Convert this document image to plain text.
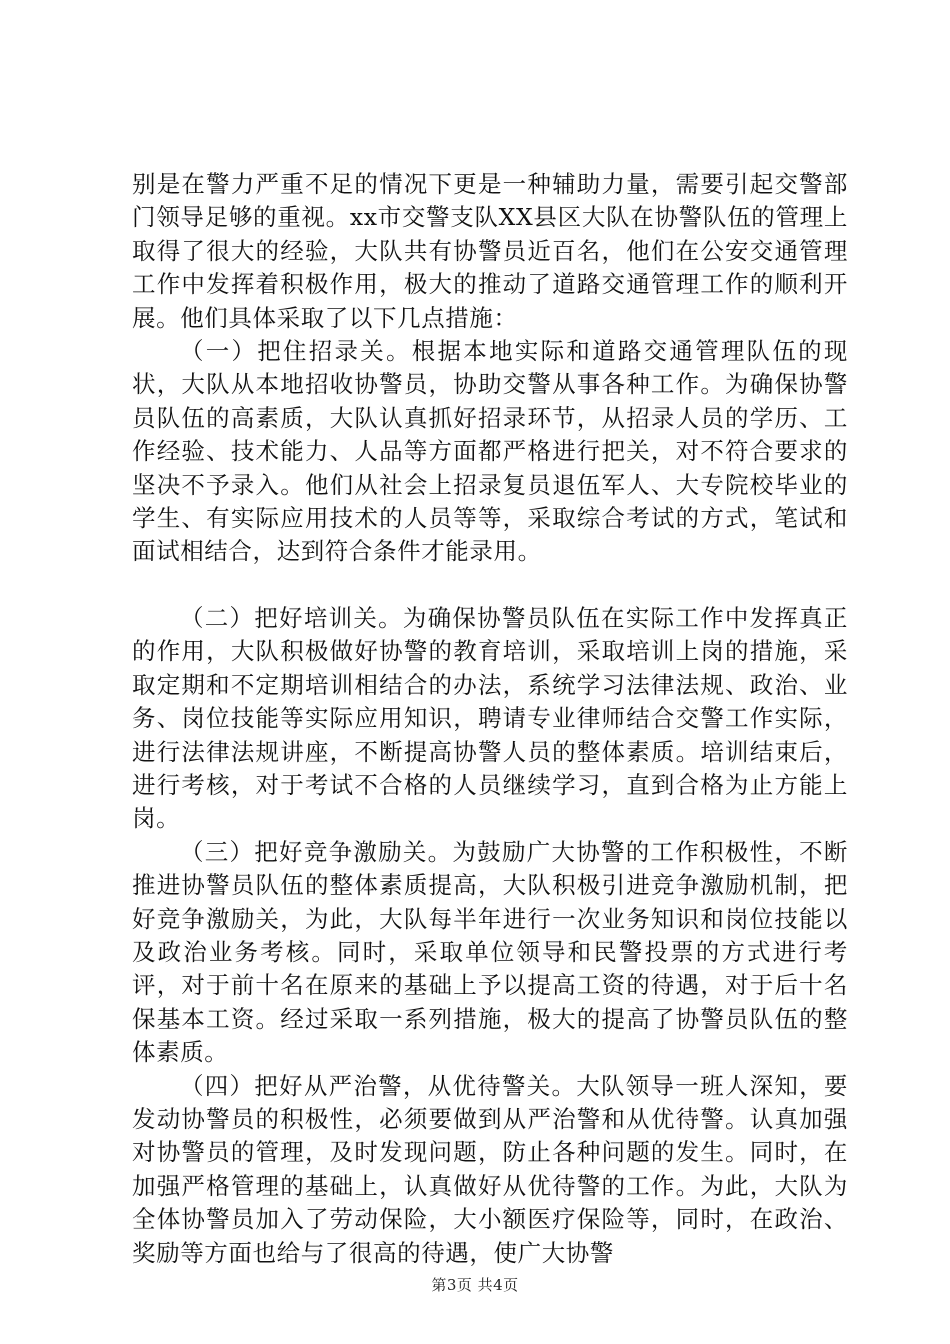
别是在警力严重不足的情况下更是一种辅助力量，需要引起交警部门领导足够的重视。xx市交警支队XX县区大队在协警队伍的管理上取得了很大的经验，大队共有协警员近百名，他们在公安交通管理工作中发挥着积极作用，极大的推动了道路交通管理工作的顺利开展。他们具体采取了以下几点措施：

（一）把住招录关。根据本地实际和道路交通管理队伍的现状，大队从本地招收协警员，协助交警从事各种工作。为确保协警员队伍的高素质，大队认真抓好招录环节，从招录人员的学历、工作经验、技术能力、人品等方面都严格进行把关，对不符合要求的坚决不予录入。他们从社会上招录复员退伍军人、大专院校毕业的学生、有实际应用技术的人员等等，采取综合考试的方式，笔试和面试相结合，达到符合条件才能录用。

（二）把好培训关。为确保协警员队伍在实际工作中发挥真正的作用，大队积极做好协警的教育培训，采取培训上岗的措施，采取定期和不定期培训相结合的办法，系统学习法律法规、政治、业务、岗位技能等实际应用知识，聘请专业律师结合交警工作实际，进行法律法规讲座，不断提高协警人员的整体素质。培训结束后，进行考核，对于考试不合格的人员继续学习，直到合格为止方能上岗。

（三）把好竞争激励关。为鼓励广大协警的工作积极性，不断推进协警员队伍的整体素质提高，大队积极引进竞争激励机制，把好竞争激励关，为此，大队每半年进行一次业务知识和岗位技能以及政治业务考核。同时，采取单位领导和民警投票的方式进行考评，对于前十名在原来的基础上予以提高工资的待遇，对于后十名保基本工资。经过采取一系列措施，极大的提高了协警员队伍的整体素质。

（四）把好从严治警，从优待警关。大队领导一班人深知，要发动协警员的积极性，必须要做到从严治警和从优待警。认真加强对协警员的管理，及时发现问题，防止各种问题的发生。同时，在加强严格管理的基础上，认真做好从优待警的工作。为此，大队为全体协警员加入了劳动保险，大小额医疗保险等，同时，在政治、奖励等方面也给与了很高的待遇，使广大协警

第3页 共4页
